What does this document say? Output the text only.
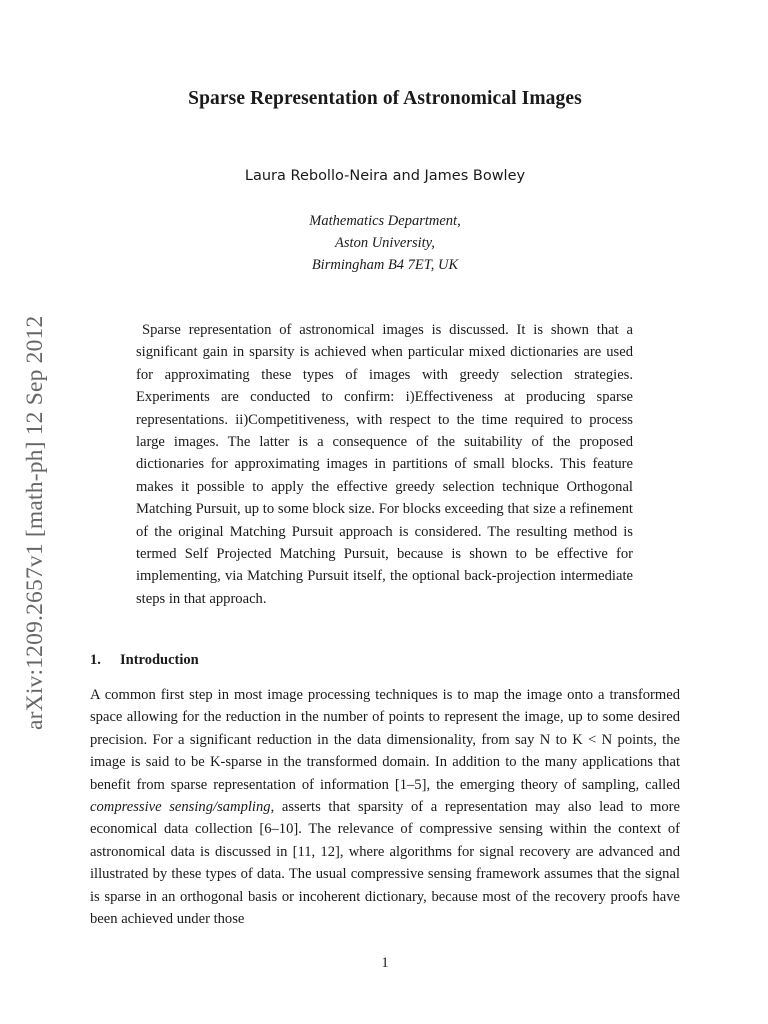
arXiv:1209.2657v1 [math-ph] 12 Sep 2012
Sparse Representation of Astronomical Images

Laura Rebollo-Neira and James Bowley

Mathematics Department,
Aston University,
Birmingham B4 7ET, UK

Sparse representation of astronomical images is discussed. It is shown that a significant gain in sparsity is achieved when particular mixed dictionaries are used for approximating these types of images with greedy selection strategies. Experiments are conducted to confirm: i)Effectiveness at producing sparse representations. ii)Competitiveness, with respect to the time required to process large images. The latter is a consequence of the suitability of the proposed dictionaries for approximating images in partitions of small blocks. This feature makes it possible to apply the effective greedy selection technique Orthogonal Matching Pursuit, up to some block size. For blocks exceeding that size a refinement of the original Matching Pursuit approach is considered. The resulting method is termed Self Projected Matching Pursuit, because is shown to be effective for implementing, via Matching Pursuit itself, the optional back-projection intermediate steps in that approach.

1. Introduction

A common first step in most image processing techniques is to map the image onto a transformed space allowing for the reduction in the number of points to represent the image, up to some desired precision. For a significant reduction in the data dimensionality, from say N to K < N points, the image is said to be K-sparse in the transformed domain. In addition to the many applications that benefit from sparse representation of information [1–5], the emerging theory of sampling, called compressive sensing/sampling, asserts that sparsity of a representation may also lead to more economical data collection [6–10]. The relevance of compressive sensing within the context of astronomical data is discussed in [11, 12], where algorithms for signal recovery are advanced and illustrated by these types of data. The usual compressive sensing framework assumes that the signal is sparse in an orthogonal basis or incoherent dictionary, because most of the recovery proofs have been achieved under those

1
